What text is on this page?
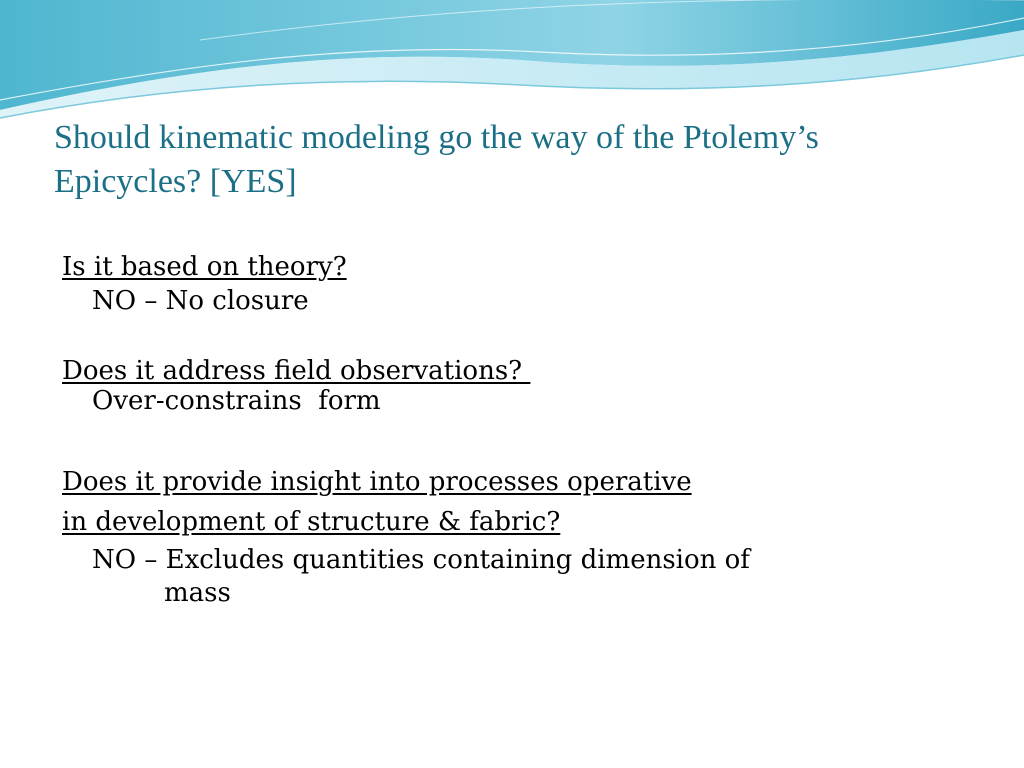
Should kinematic modeling go the way of the Ptolemy’s
Epicycles? [YES]
Is it based on theory?
NO – No closure
Does it address field observations?
Over-constrains  form
Does it provide insight into processes operative
in development of structure & fabric?
NO – Excludes quantities containing dimension of
mass
